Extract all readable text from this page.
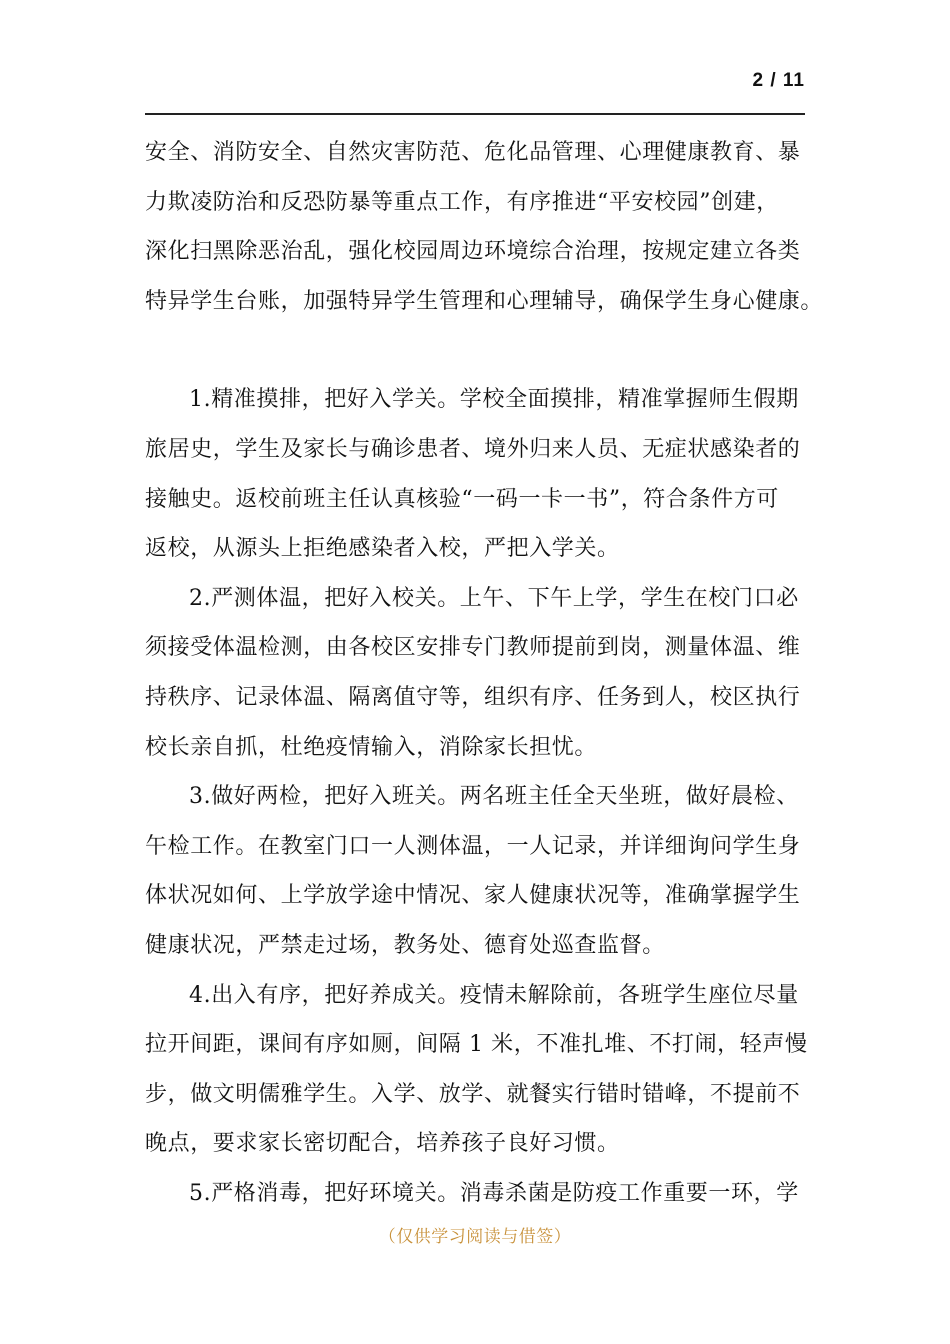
2 / 11

安全、消防安全、自然灾害防范、危化品管理、心理健康教育、暴
力欺凌防治和反恐防暴等重点工作，有序推进“平安校园”创建，
深化扫黑除恶治乱，强化校园周边环境综合治理，按规定建立各类
特异学生台账，加强特异学生管理和心理辅导，确保学生身心健康。

1.精准摸排，把好入学关。学校全面摸排，精准掌握师生假期
旅居史，学生及家长与确诊患者、境外归来人员、无症状感染者的
接触史。返校前班主任认真核验“一码一卡一书”，符合条件方可
返校，从源头上拒绝感染者入校，严把入学关。

2.严测体温，把好入校关。上午、下午上学，学生在校门口必
须接受体温检测，由各校区安排专门教师提前到岗，测量体温、维
持秩序、记录体温、隔离值守等，组织有序、任务到人，校区执行
校长亲自抓，杜绝疫情输入，消除家长担忧。

3.做好两检，把好入班关。两名班主任全天坐班，做好晨检、
午检工作。在教室门口一人测体温，一人记录，并详细询问学生身
体状况如何、上学放学途中情况、家人健康状况等，准确掌握学生
健康状况，严禁走过场，教务处、德育处巡查监督。

4.出入有序，把好养成关。疫情未解除前，各班学生座位尽量
拉开间距，课间有序如厕，间隔 1 米，不准扎堆、不打闹，轻声慢
步，做文明儒雅学生。入学、放学、就餐实行错时错峰，不提前不
晚点，要求家长密切配合，培养孩子良好习惯。

5.严格消毒，把好环境关。消毒杀菌是防疫工作重要一环，学

（仅供学习阅读与借签）
